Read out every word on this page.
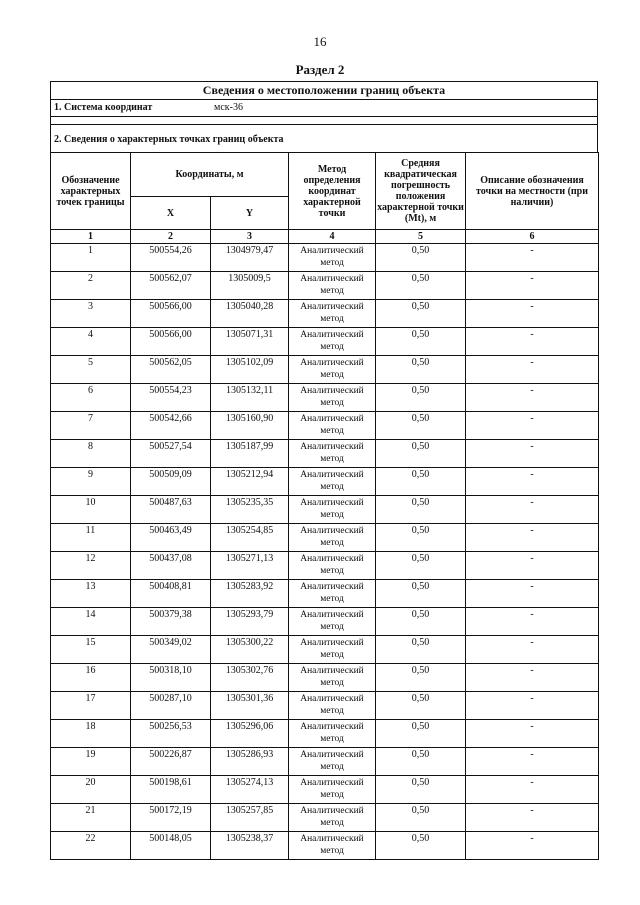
16
Раздел 2
Сведения о местоположении границ объекта
1. Система координат	мск-36
2. Сведения о характерных точках границ объекта
Обозначение характерных точек границы	Координаты, м		Метод определения координат характерной точки	Средняя квадратическая погрешность положения характерной точки (Mt), м	Описание обозначения точки на местности (при наличии)
	X	Y			
1	2	3	4	5	6
1	500554,26	1304979,47	Аналитический метод	0,50	-
2	500562,07	1305009,5	Аналитический метод	0,50	-
3	500566,00	1305040,28	Аналитический метод	0,50	-
4	500566,00	1305071,31	Аналитический метод	0,50	-
5	500562,05	1305102,09	Аналитический метод	0,50	-
6	500554,23	1305132,11	Аналитический метод	0,50	-
7	500542,66	1305160,90	Аналитический метод	0,50	-
8	500527,54	1305187,99	Аналитический метод	0,50	-
9	500509,09	1305212,94	Аналитический метод	0,50	-
10	500487,63	1305235,35	Аналитический метод	0,50	-
11	500463,49	1305254,85	Аналитический метод	0,50	-
12	500437,08	1305271,13	Аналитический метод	0,50	-
13	500408,81	1305283,92	Аналитический метод	0,50	-
14	500379,38	1305293,79	Аналитический метод	0,50	-
15	500349,02	1305300,22	Аналитический метод	0,50	-
16	500318,10	1305302,76	Аналитический метод	0,50	-
17	500287,10	1305301,36	Аналитический метод	0,50	-
18	500256,53	1305296,06	Аналитический метод	0,50	-
19	500226,87	1305286,93	Аналитический метод	0,50	-
20	500198,61	1305274,13	Аналитический метод	0,50	-
21	500172,19	1305257,85	Аналитический метод	0,50	-
22	500148,05	1305238,37	Аналитический метод	0,50	-
